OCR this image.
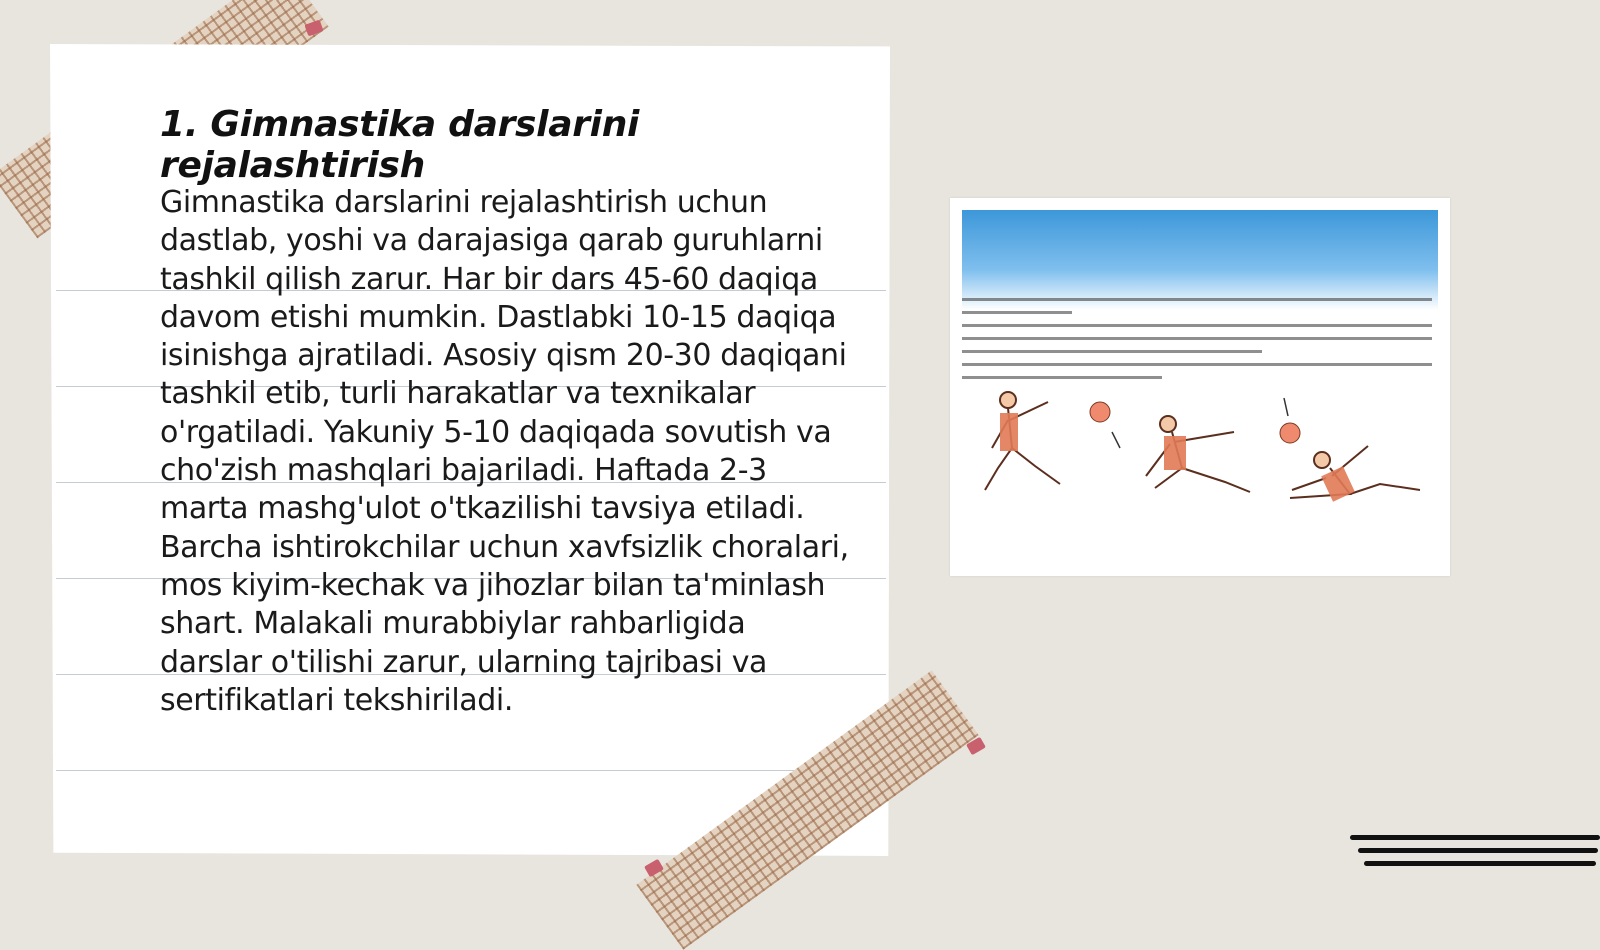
1. Gimnastika darslarini rejalashtirish

Gimnastika darslarini rejalashtirish uchun dastlab, yoshi va darajasiga qarab guruhlarni tashkil qilish zarur. Har bir dars 45-60 daqiqa davom etishi mumkin. Dastlabki 10-15 daqiqa isinishga ajratiladi. Asosiy qism 20-30 daqiqani tashkil etib, turli harakatlar va texnikalar o'rgatiladi. Yakuniy 5-10 daqiqada sovutish va cho'zish mashqlari bajariladi. Haftada 2-3 marta mashg'ulot o'tkazilishi tavsiya etiladi. Barcha ishtirokchilar uchun xavfsizlik choralari, mos kiyim-kechak va jihozlar bilan ta'minlash shart. Malakali murabbiylar rahbarligida darslar o'tilishi zarur, ularning tajribasi va sertifikatlari tekshiriladi.
